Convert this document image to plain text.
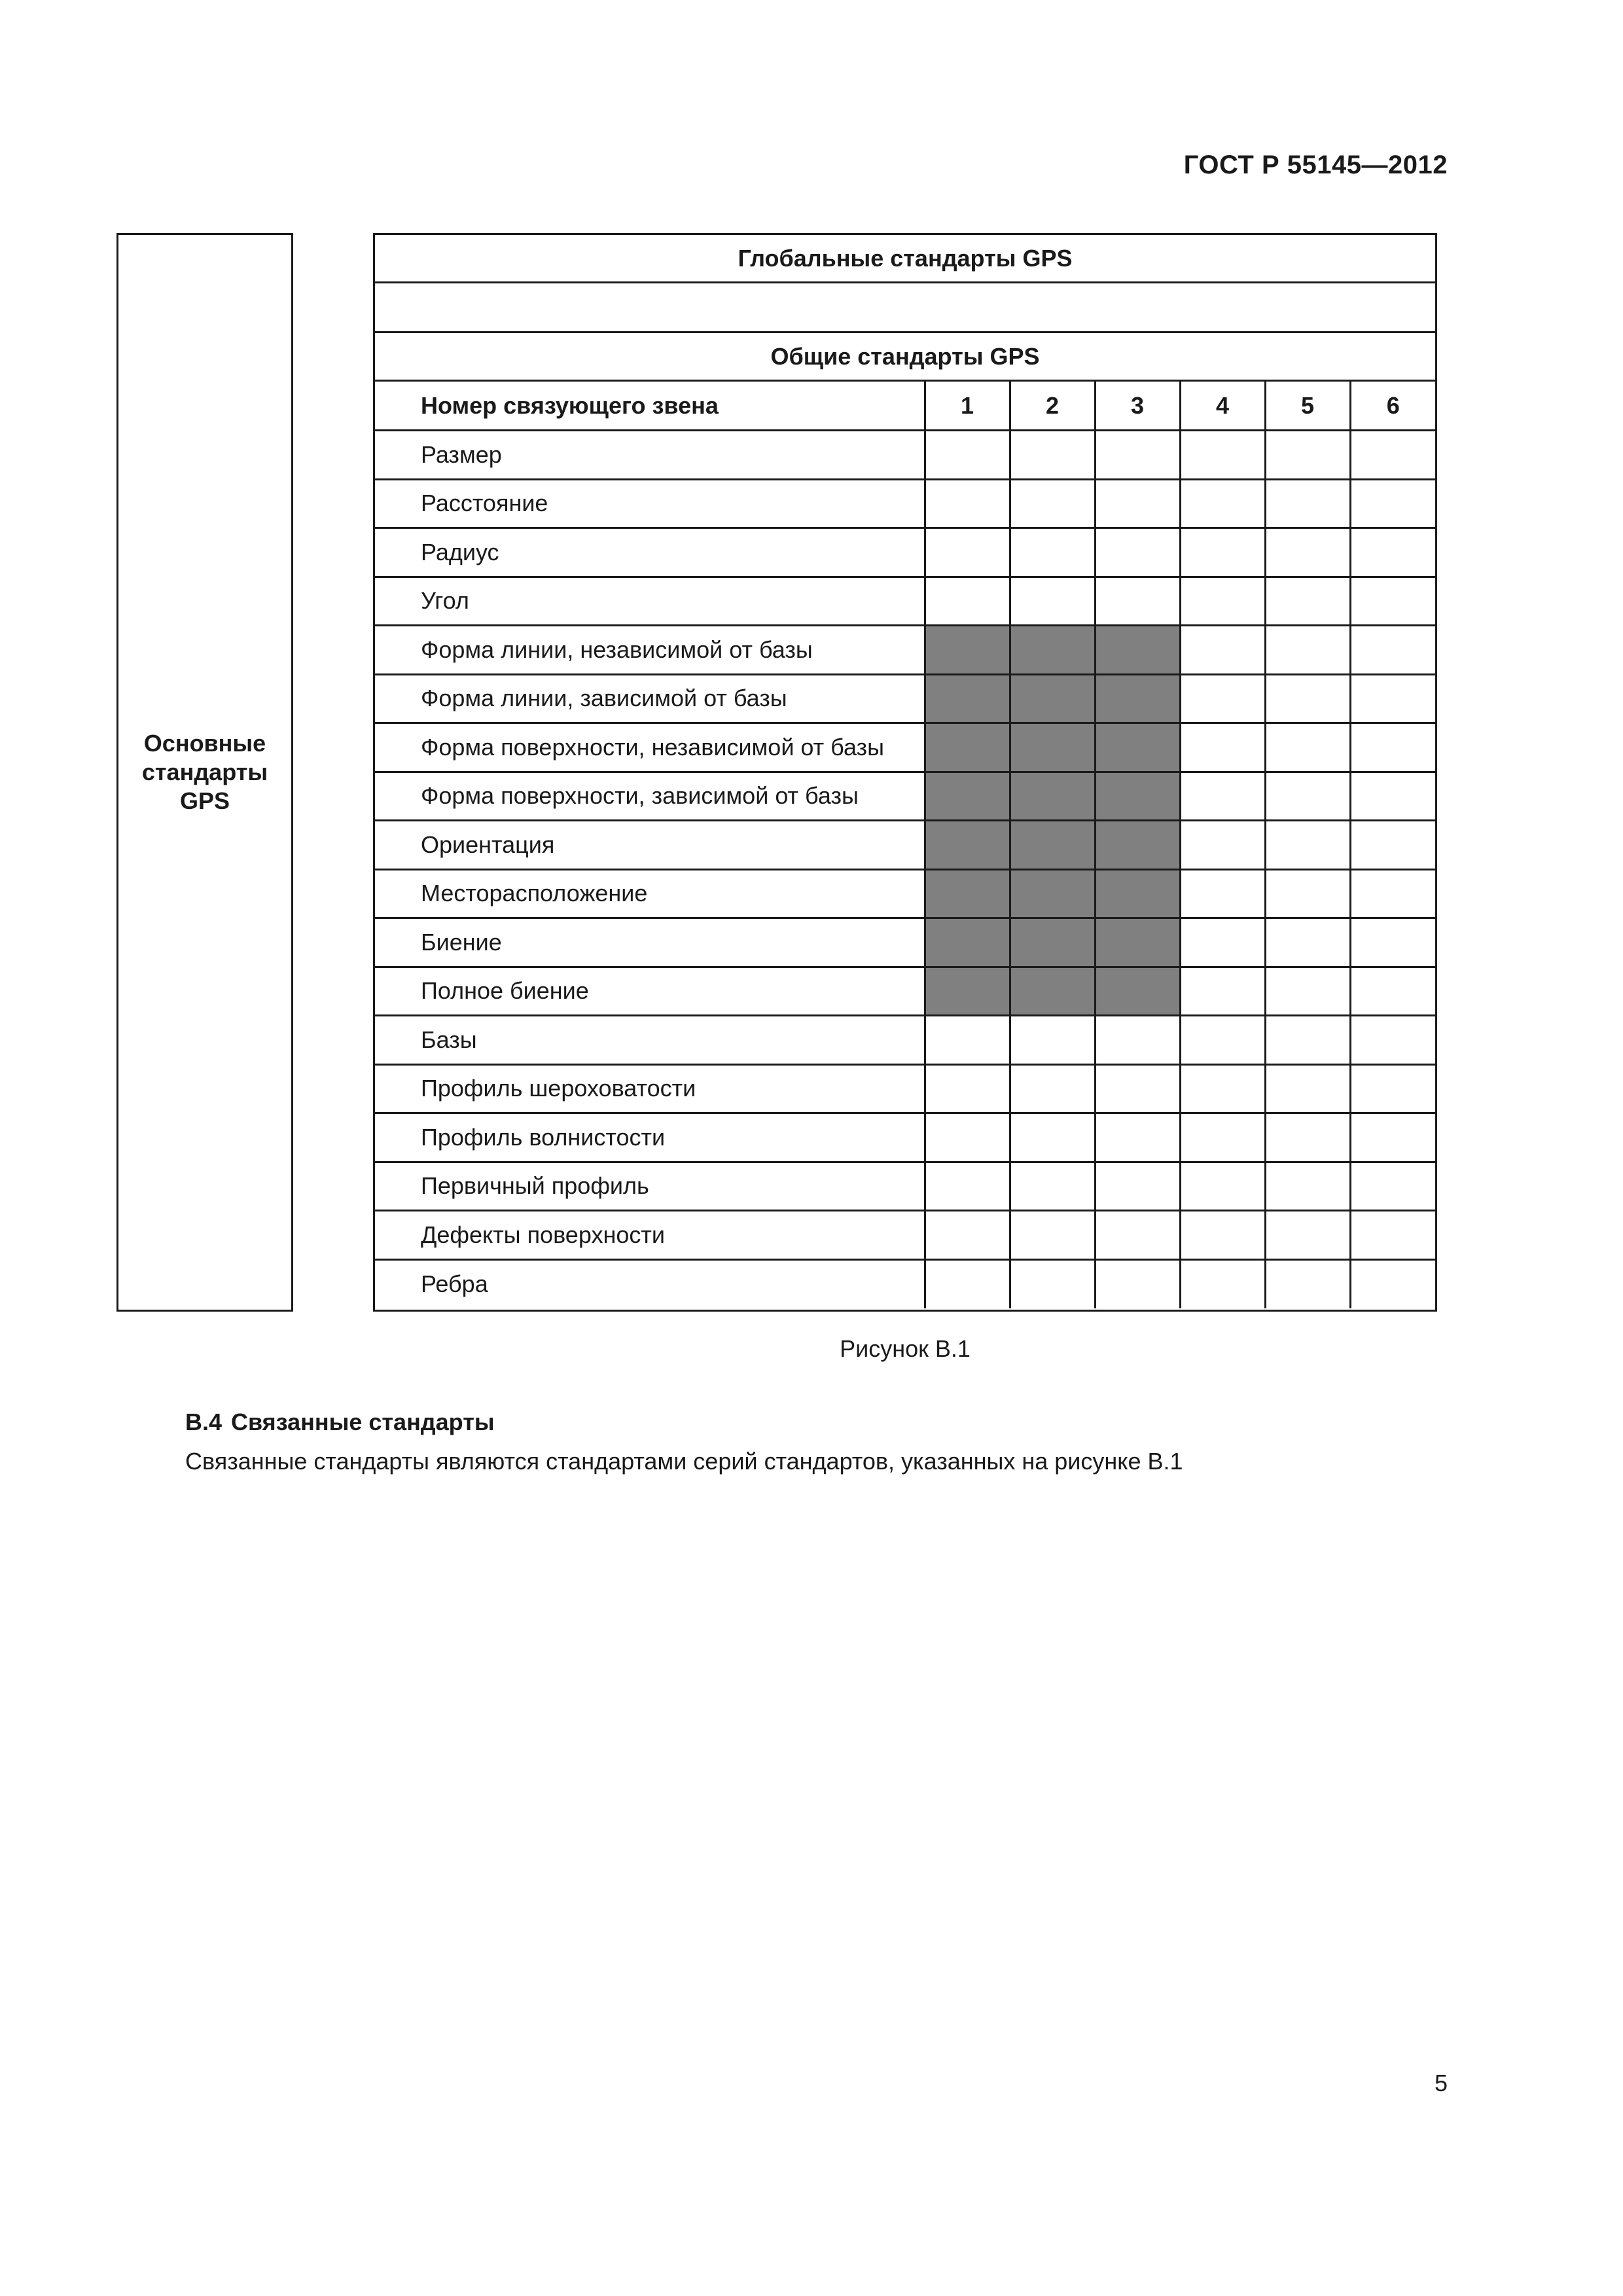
ГОСТ Р 55145—2012
Основные
стандарты
GPS
Глобальные стандарты GPS
Общие стандарты GPS
Номер связующего звена	1	2	3	4	5	6
Размер						
Расстояние						
Радиус						
Угол						
Форма линии, независимой от базы						
Форма линии, зависимой от базы						
Форма поверхности, независимой от базы						
Форма поверхности, зависимой от базы						
Ориентация						
Месторасположение						
Биение						
Полное биение						
Базы						
Профиль шероховатости						
Профиль волнистости						
Первичный профиль						
Дефекты поверхности						
Ребра						
Рисунок В.1
В.4 Связанные стандарты
Связанные стандарты являются стандартами серий стандартов, указанных на рисунке В.1
5
